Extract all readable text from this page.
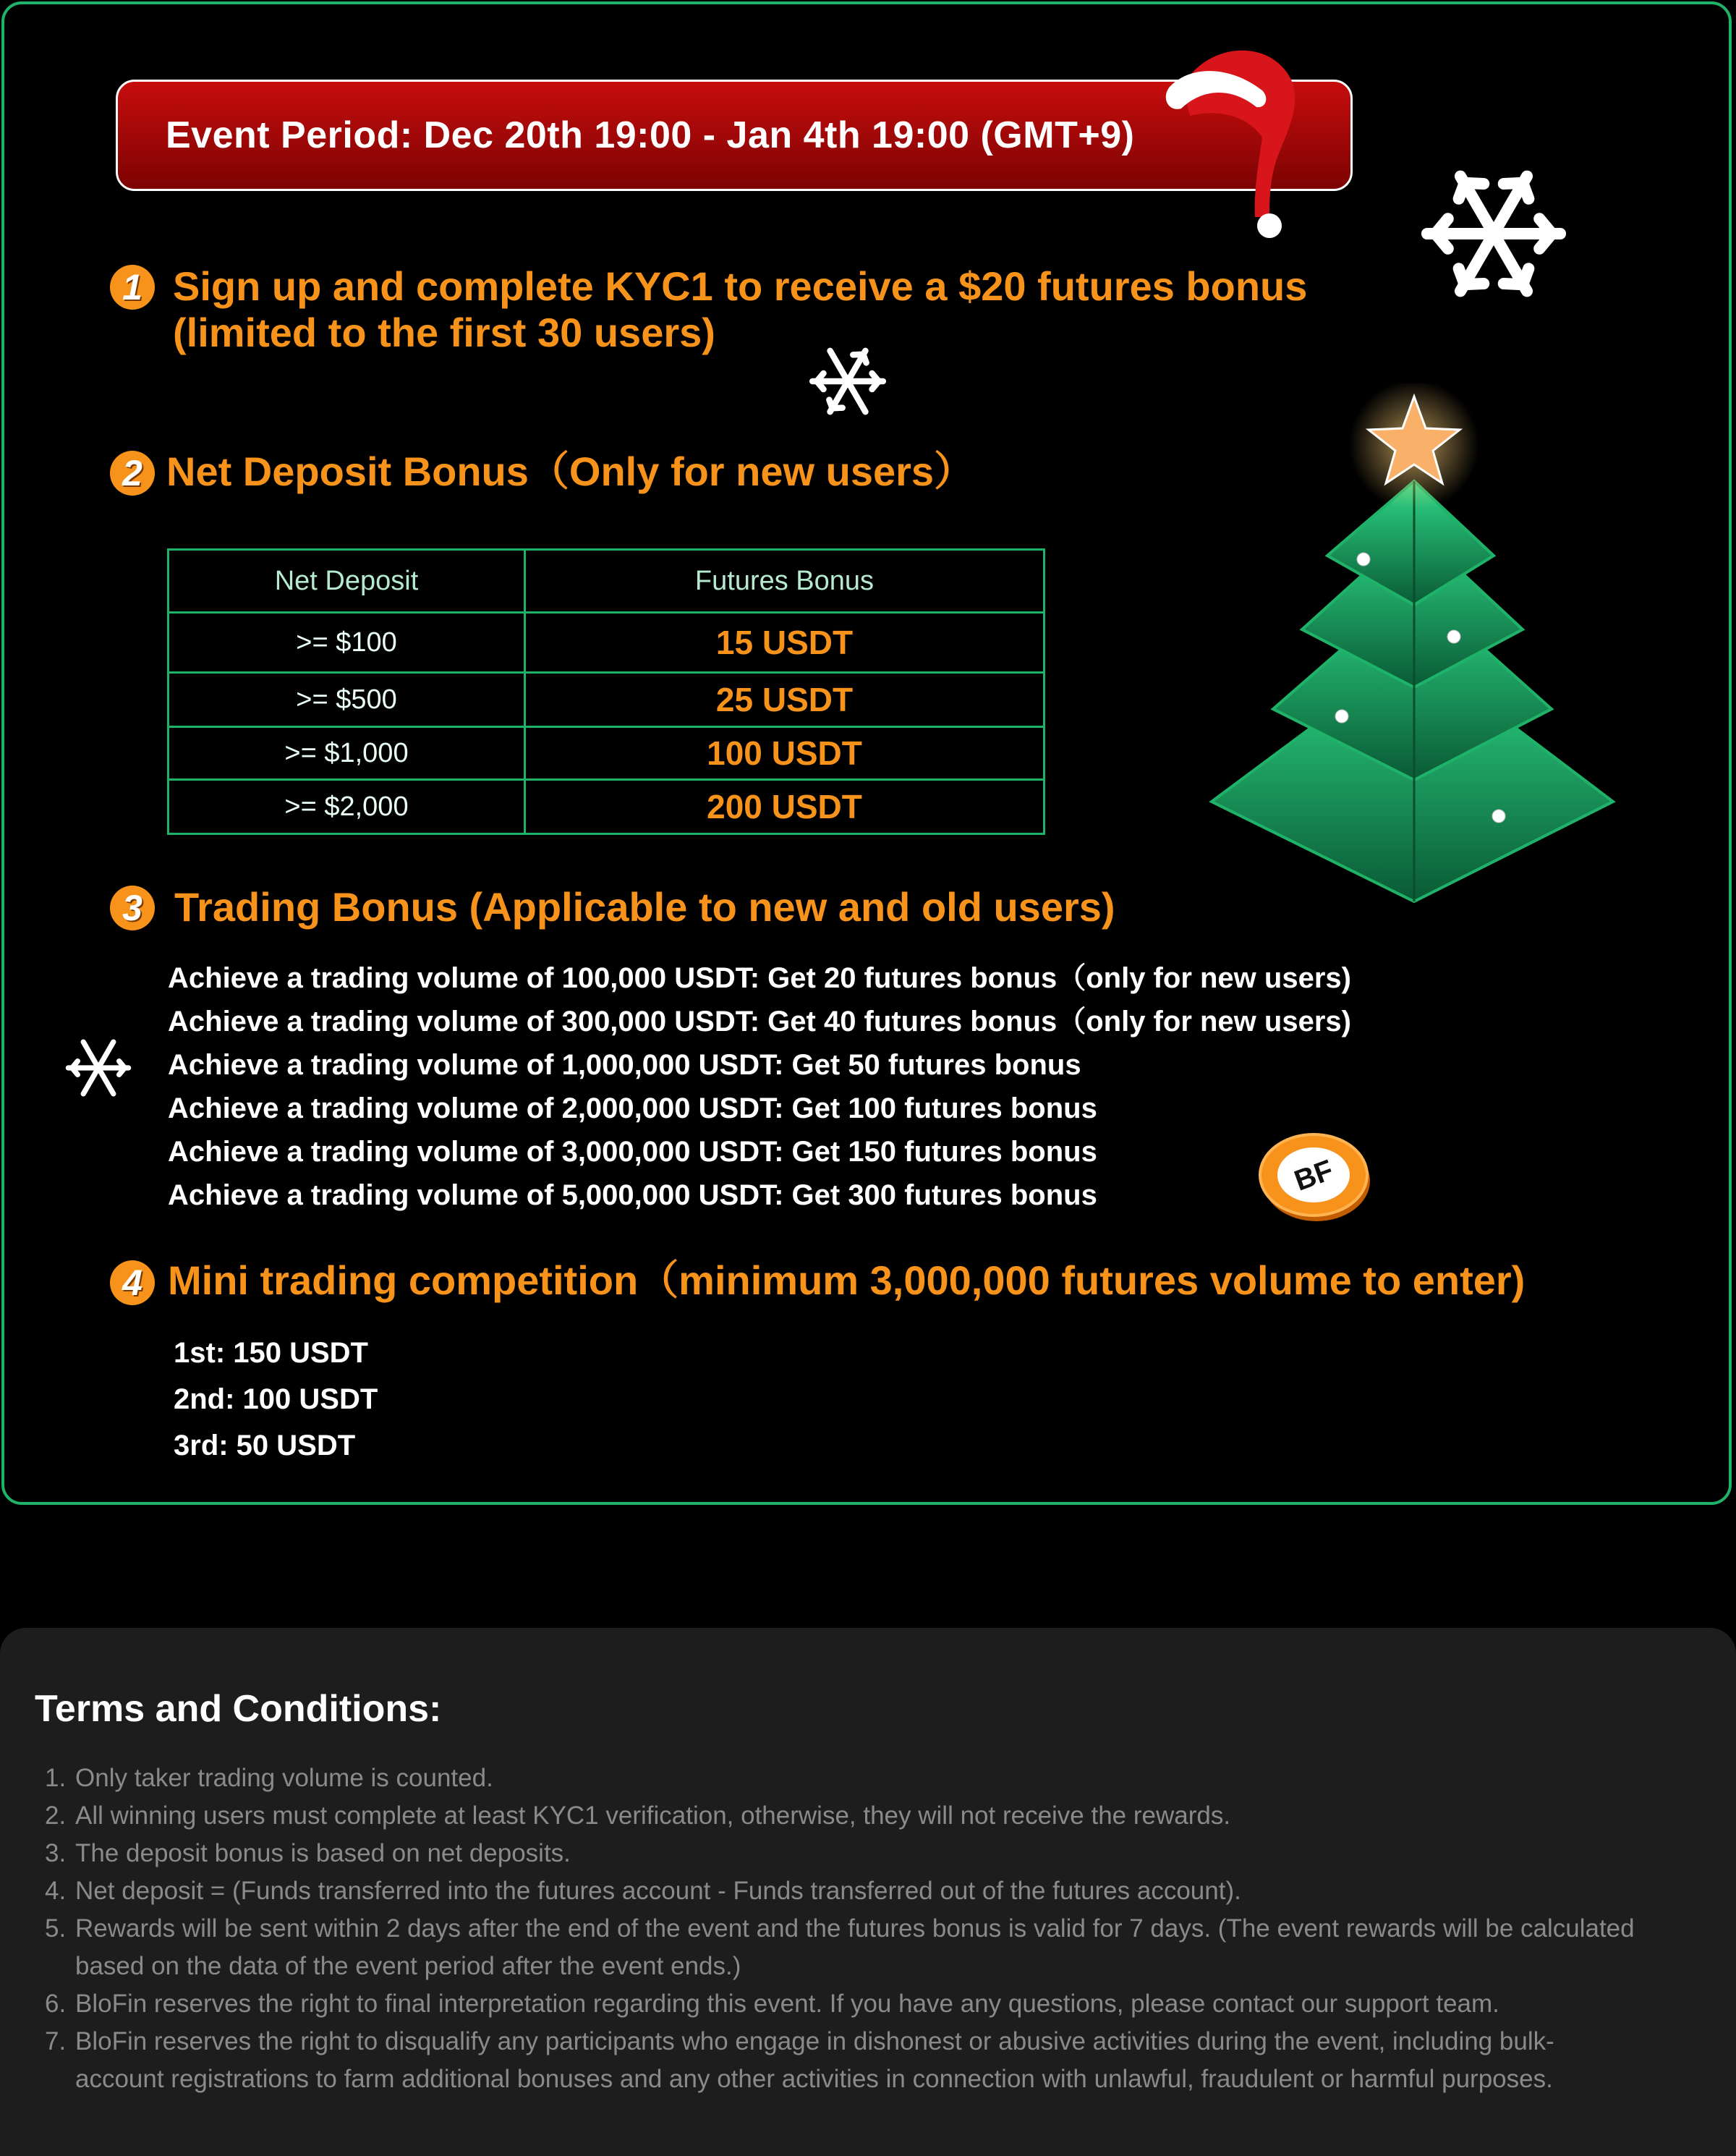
Event Period: Dec 20th 19:00 - Jan 4th 19:00 (GMT+9)
BF
1 Sign up and complete KYC1 to receive a $20 futures bonus
(limited to the first 30 users)
2 Net Deposit Bonus（Only for new users）
Net Deposit	Futures Bonus
>= $100	15 USDT
>= $500	25 USDT
>= $1,000	100 USDT
>= $2,000	200 USDT
3 Trading Bonus (Applicable to new and old users)
Achieve a trading volume of 100,000 USDT: Get 20 futures bonus（only for new users)
Achieve a trading volume of 300,000 USDT: Get 40 futures bonus（only for new users)
Achieve a trading volume of 1,000,000 USDT: Get 50 futures bonus
Achieve a trading volume of 2,000,000 USDT: Get 100 futures bonus
Achieve a trading volume of 3,000,000 USDT: Get 150 futures bonus
Achieve a trading volume of 5,000,000 USDT: Get 300 futures bonus
4 Mini trading competition（minimum 3,000,000 futures volume to enter)
1st: 150 USDT
2nd: 100 USDT
3rd: 50 USDT
Terms and Conditions:
1. Only taker trading volume is counted.
2. All winning users must complete at least KYC1 verification, otherwise, they will not receive the rewards.
3. The deposit bonus is based on net deposits.
4. Net deposit = (Funds transferred into the futures account - Funds transferred out of the futures account).
5. Rewards will be sent within 2 days after the end of the event and the futures bonus is valid for 7 days. (The event rewards will be calculated
based on the data of the event period after the event ends.)
6. BloFin reserves the right to final interpretation regarding this event. If you have any questions, please contact our support team.
7. BloFin reserves the right to disqualify any participants who engage in dishonest or abusive activities during the event, including bulk-
account registrations to farm additional bonuses and any other activities in connection with unlawful, fraudulent or harmful purposes.
